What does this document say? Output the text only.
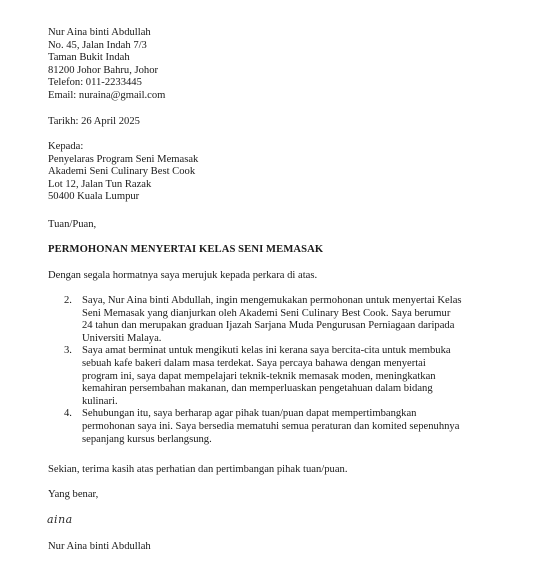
Nur Aina binti Abdullah
No. 45, Jalan Indah 7/3
Taman Bukit Indah
81200 Johor Bahru, Johor
Telefon: 011-2233445
Email: nuraina@gmail.com
Tarikh: 26 April 2025
Kepada:
Penyelaras Program Seni Memasak
Akademi Seni Culinary Best Cook
Lot 12, Jalan Tun Razak
50400 Kuala Lumpur
Tuan/Puan,
PERMOHONAN MENYERTAI KELAS SENI MEMASAK
Dengan segala hormatnya saya merujuk kepada perkara di atas.
2. Saya, Nur Aina binti Abdullah, ingin mengemukakan permohonan untuk menyertai Kelas
Seni Memasak yang dianjurkan oleh Akademi Seni Culinary Best Cook. Saya berumur
24 tahun dan merupakan graduan Ijazah Sarjana Muda Pengurusan Perniagaan daripada
Universiti Malaya.
3. Saya amat berminat untuk mengikuti kelas ini kerana saya bercita-cita untuk membuka
sebuah kafe bakeri dalam masa terdekat. Saya percaya bahawa dengan menyertai
program ini, saya dapat mempelajari teknik-teknik memasak moden, meningkatkan
kemahiran persembahan makanan, dan memperluaskan pengetahuan dalam bidang
kulinari.
4. Sehubungan itu, saya berharap agar pihak tuan/puan dapat mempertimbangkan
permohonan saya ini. Saya bersedia mematuhi semua peraturan dan komited sepenuhnya
sepanjang kursus berlangsung.
Sekian, terima kasih atas perhatian dan pertimbangan pihak tuan/puan.
Yang benar,
aina
Nur Aina binti Abdullah
